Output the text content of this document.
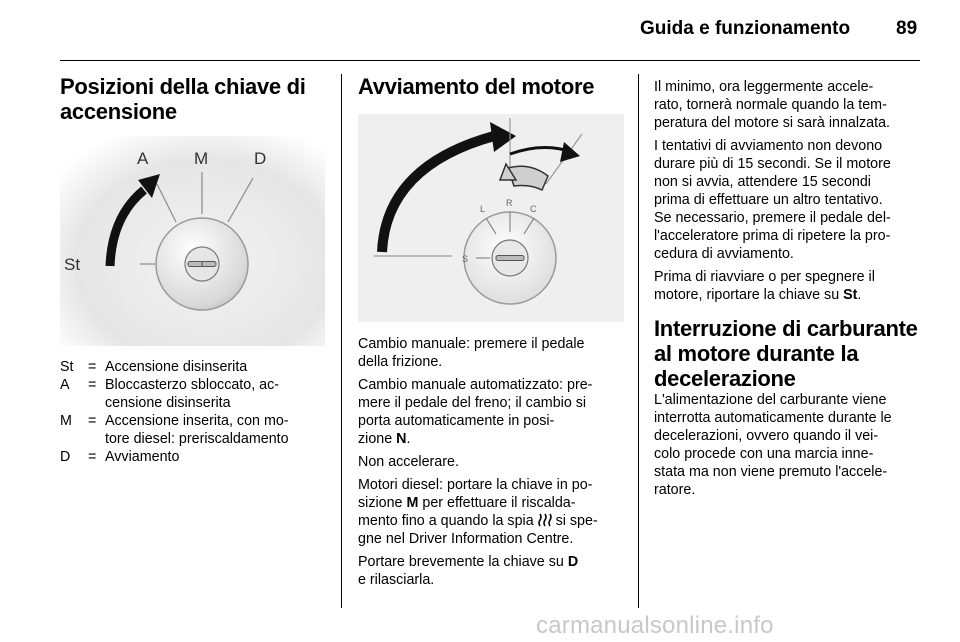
Guida e funzionamento 89
Posizioni della chiave di
accensione
A	M	D
St
St = Accensione disinserita
A = Bloccasterzo sbloccato, ac-
censione disinserita
M = Accensione inserita, con mo-
tore diesel: preriscaldamento
D = Avviamento
Avviamento del motore
L
R
C
S

Cambio manuale: premere il pedale
della frizione.

Cambio manuale automatizzato: pre-
mere il pedale del freno; il cambio si
porta automaticamente in posi-
zione N.

Non accelerare.

Motori diesel: portare la chiave in po-
sizione M per effettuare il riscalda-
mento fino a quando la spia  si spe-
gne nel Driver Information Centre.

Portare brevemente la chiave su D
e rilasciarla.

Il minimo, ora leggermente accele-
rato, tornerà normale quando la tem-
peratura del motore si sarà innalzata.

I tentativi di avviamento non devono
durare più di 15 secondi. Se il motore
non si avvia, attendere 15 secondi
prima di effettuare un altro tentativo.
Se necessario, premere il pedale del-
l'acceleratore prima di ripetere la pro-
cedura di avviamento.

Prima di riavviare o per spegnere il
motore, riportare la chiave su St.

Interruzione di carburante
al motore durante la
decelerazione

L'alimentazione del carburante viene
interrotta automaticamente durante le
decelerazioni, ovvero quando il vei-
colo procede con una marcia inne-
stata ma non viene premuto l'accele-
ratore.

carmanualsonline.info
